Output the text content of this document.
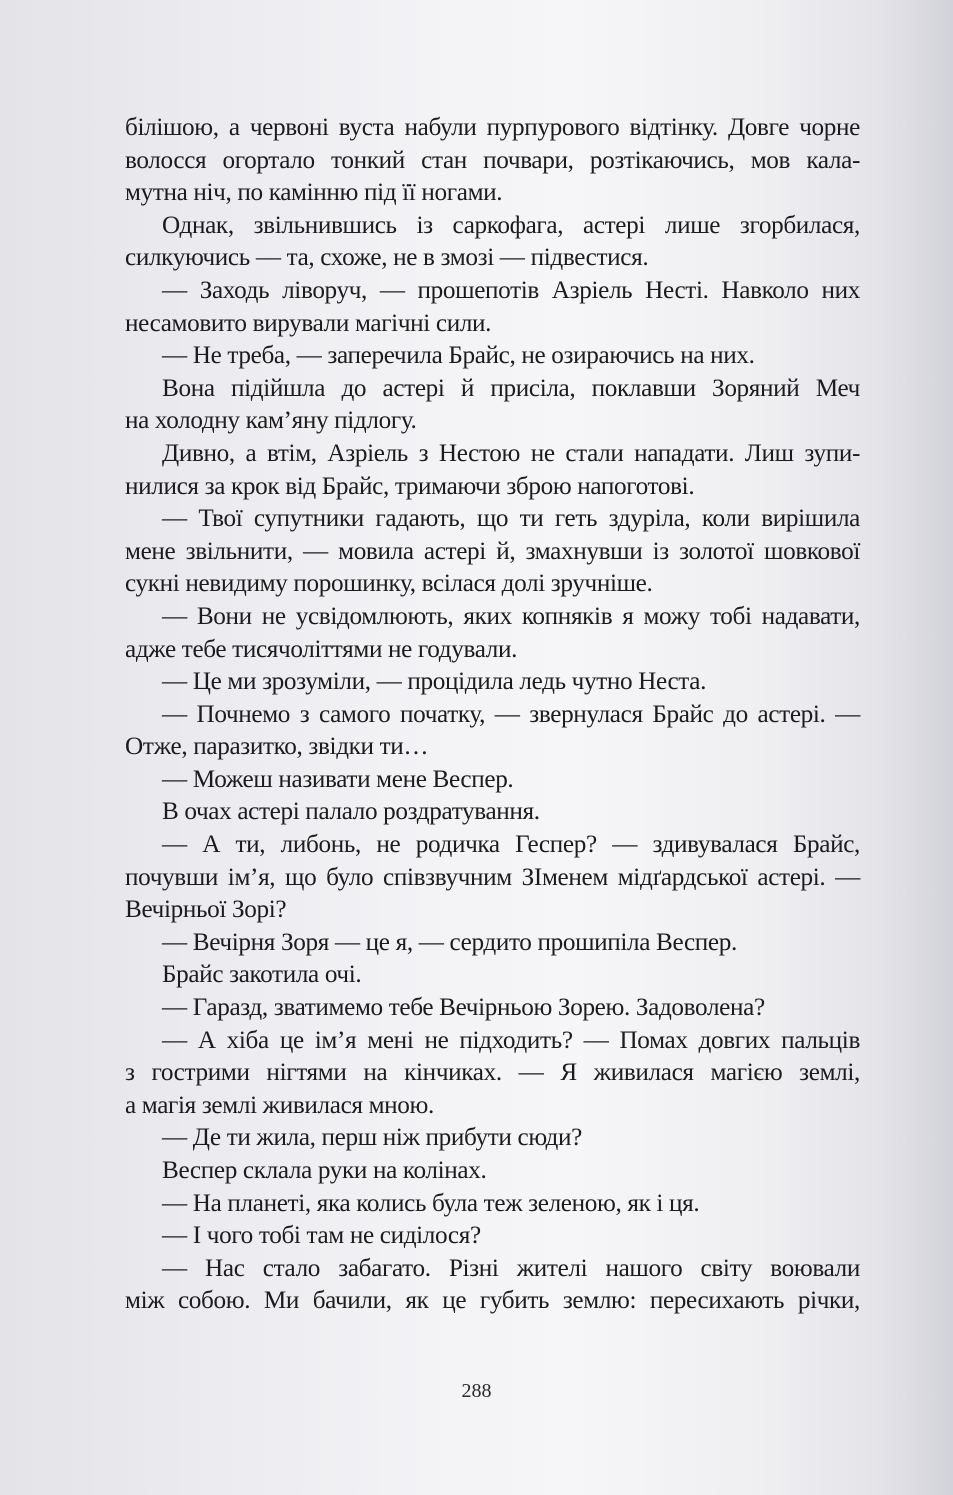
білішою, а червоні вуста набули пурпурового відтінку. Довге чорне
волосся огортало тонкий стан почвари, розтікаючись, мов кала-
мутна ніч, по камінню під її ногами.
Однак, звільнившись із саркофага, астері лише згорбилася,
силкуючись — та, схоже, не в змозі — підвестися.
— Заходь ліворуч, — прошепотів Азріель Несті. Навколо них
несамовито вирували магічні сили.
— Не треба, — заперечила Брайс, не озираючись на них.
Вона підійшла до астері й присіла, поклавши Зоряний Меч
на холодну кам’яну підлогу.
Дивно, а втім, Азріель з Нестою не стали нападати. Лиш зупи-
нилися за крок від Брайс, тримаючи зброю напоготові.
— Твої супутники гадають, що ти геть здуріла, коли вирішила
мене звільнити, — мовила астері й, змахнувши із золотої шовкової
сукні невидиму порошинку, всілася долі зручніше.
— Вони не усвідомлюють, яких копняків я можу тобі надавати,
адже тебе тисячоліттями не годували.
— Це ми зрозуміли, — процідила ледь чутно Неста.
— Почнемо з самого початку, — звернулася Брайс до астері. —
Отже, паразитко, звідки ти…
— Можеш називати мене Веспер.
В очах астері палало роздратування.
— А ти, либонь, не родичка Геспер? — здивувалася Брайс,
почувши ім’я, що було співзвучним ЗІменем мідґардської астері. —
Вечірньої Зорі?
— Вечірня Зоря — це я, — сердито прошипіла Веспер.
Брайс закотила очі.
— Гаразд, зватимемо тебе Вечірньою Зорею. Задоволена?
— А хіба це ім’я мені не підходить? — Помах довгих пальців
з гострими нігтями на кінчиках. — Я живилася магією землі,
а магія землі живилася мною.
— Де ти жила, перш ніж прибути сюди?
Веспер склала руки на колінах.
— На планеті, яка колись була теж зеленою, як і ця.
— І чого тобі там не сиділося?
— Нас стало забагато. Різні жителі нашого світу воювали
між собою. Ми бачили, як це губить землю: пересихають річки,
288
